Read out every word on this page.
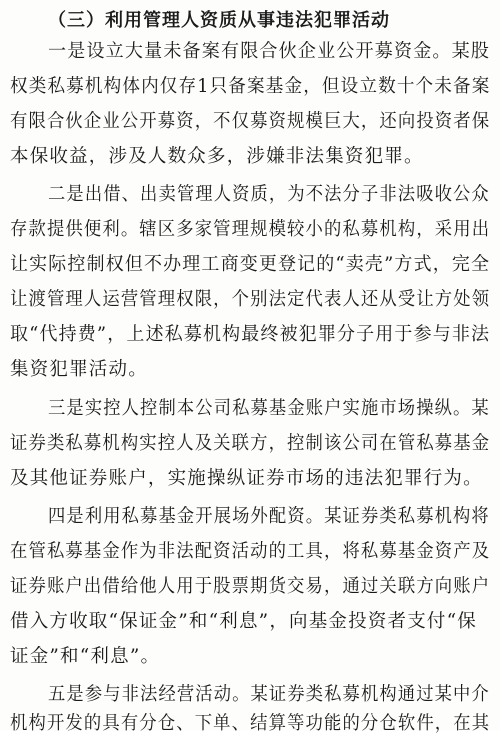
（三）利用管理人资质从事违法犯罪活动
一是设立大量未备案有限合伙企业公开募资金。某股
权类私募机构体内仅存1只备案基金，但设立数十个未备案
有限合伙企业公开募资，不仅募资规模巨大，还向投资者保
本保收益，涉及人数众多，涉嫌非法集资犯罪。
二是出借、出卖管理人资质，为不法分子非法吸收公众
存款提供便利。辖区多家管理规模较小的私募机构，采用出
让实际控制权但不办理工商变更登记的“卖壳”方式，完全
让渡管理人运营管理权限，个别法定代表人还从受让方处领
取“代持费”，上述私募机构最终被犯罪分子用于参与非法
集资犯罪活动。
三是实控人控制本公司私募基金账户实施市场操纵。某
证券类私募机构实控人及关联方，控制该公司在管私募基金
及其他证券账户，实施操纵证券市场的违法犯罪行为。
四是利用私募基金开展场外配资。某证券类私募机构将
在管私募基金作为非法配资活动的工具，将私募基金资产及
证券账户出借给他人用于股票期货交易，通过关联方向账户
借入方收取“保证金”和“利息”，向基金投资者支付“保
证金”和“利息”。
五是参与非法经营活动。某证券类私募机构通过某中介
机构开发的具有分仓、下单、结算等功能的分仓软件，在其
